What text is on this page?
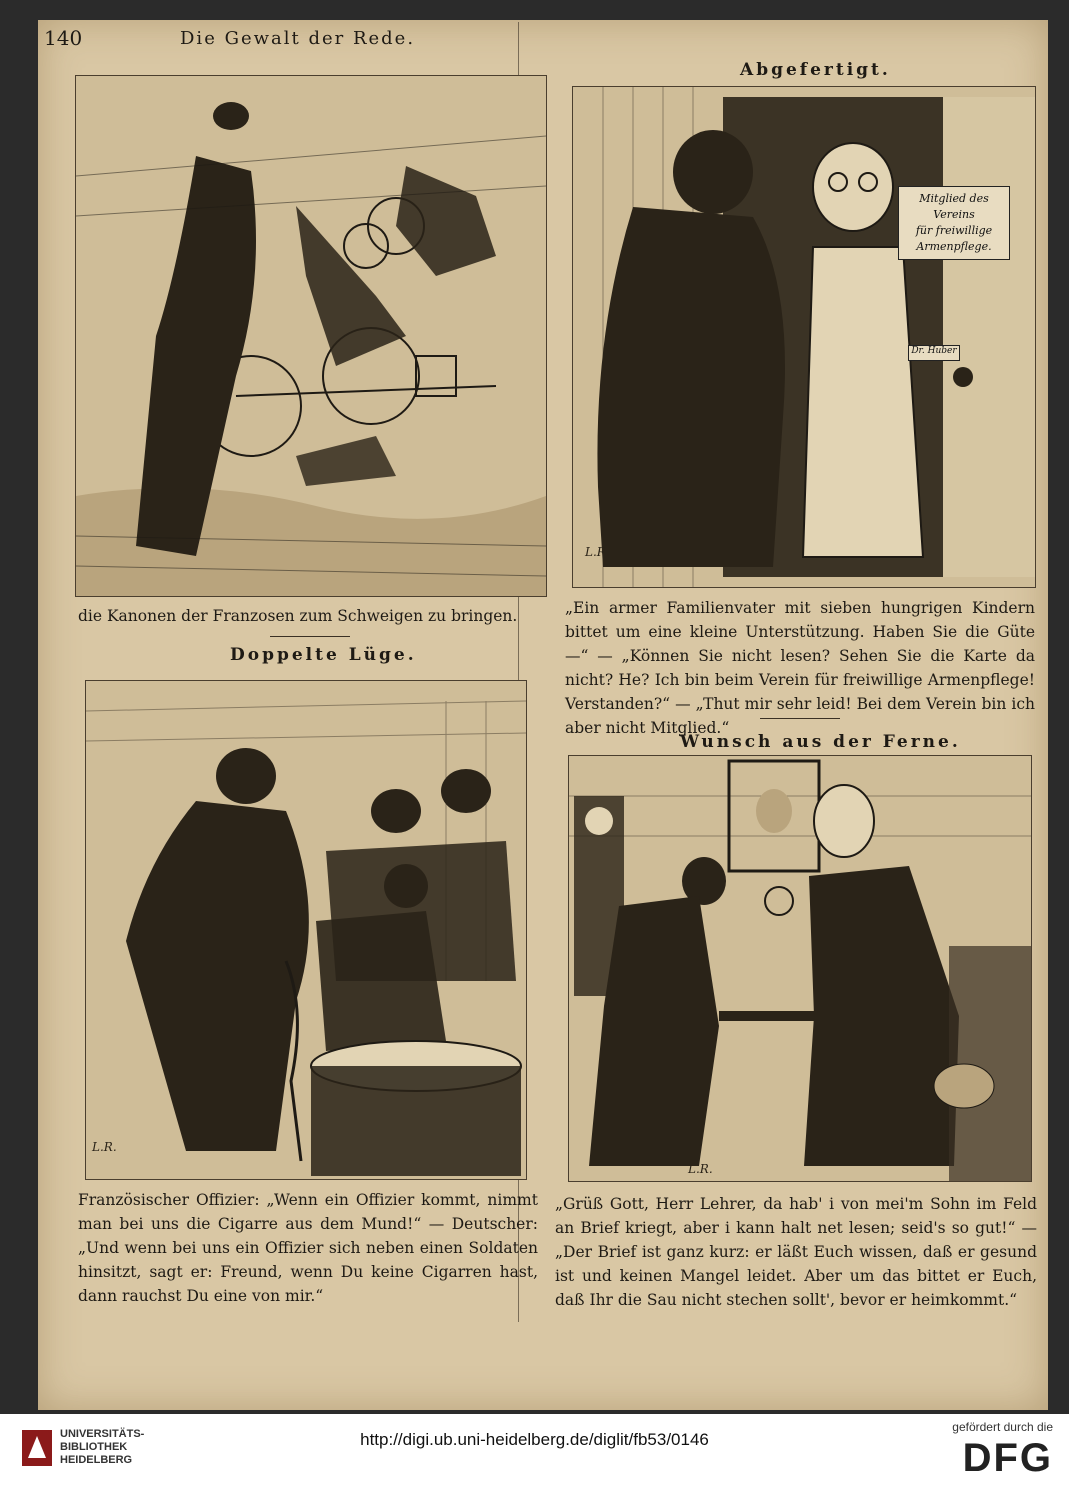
140	Die Gewalt der Rede.
die Kanonen der Franzosen zum Schweigen zu bringen.
Doppelte Lüge.
L.R.
Französischer Offizier: „Wenn ein Offizier kommt, nimmt man bei uns die Cigarre aus dem Mund!“ — Deutscher: „Und wenn bei uns ein Offizier sich neben einen Soldaten hinsitzt, sagt er: Freund, wenn Du keine Cigarren hast, dann rauchst Du eine von mir.“
Abgefertigt.
Mitglied des Vereins
für freiwillige
Armenpflege.
Dr. Huber
L.R.
„Ein armer Familienvater mit sieben hungrigen Kindern bittet um eine kleine Unterstützung. Haben Sie die Güte —“ — „Können Sie nicht lesen? Sehen Sie die Karte da nicht? He? Ich bin beim Verein für freiwillige Armenpflege! Verstanden?“ — „Thut mir sehr leid! Bei dem Verein bin ich aber nicht Mitglied.“
Wunsch aus der Ferne.
L.R.
„Grüß Gott, Herr Lehrer, da hab' i von mei'm Sohn im Feld an Brief kriegt, aber i kann halt net lesen; seid's so gut!“ — „Der Brief ist ganz kurz: er läßt Euch wissen, daß er gesund ist und keinen Mangel leidet. Aber um das bittet er Euch, daß Ihr die Sau nicht stechen sollt', bevor er heimkommt.“
UNIVERSITÄTS-
BIBLIOTHEK
HEIDELBERG
http://digi.ub.uni-heidelberg.de/diglit/fb53/0146
gefördert durch die
DFG
